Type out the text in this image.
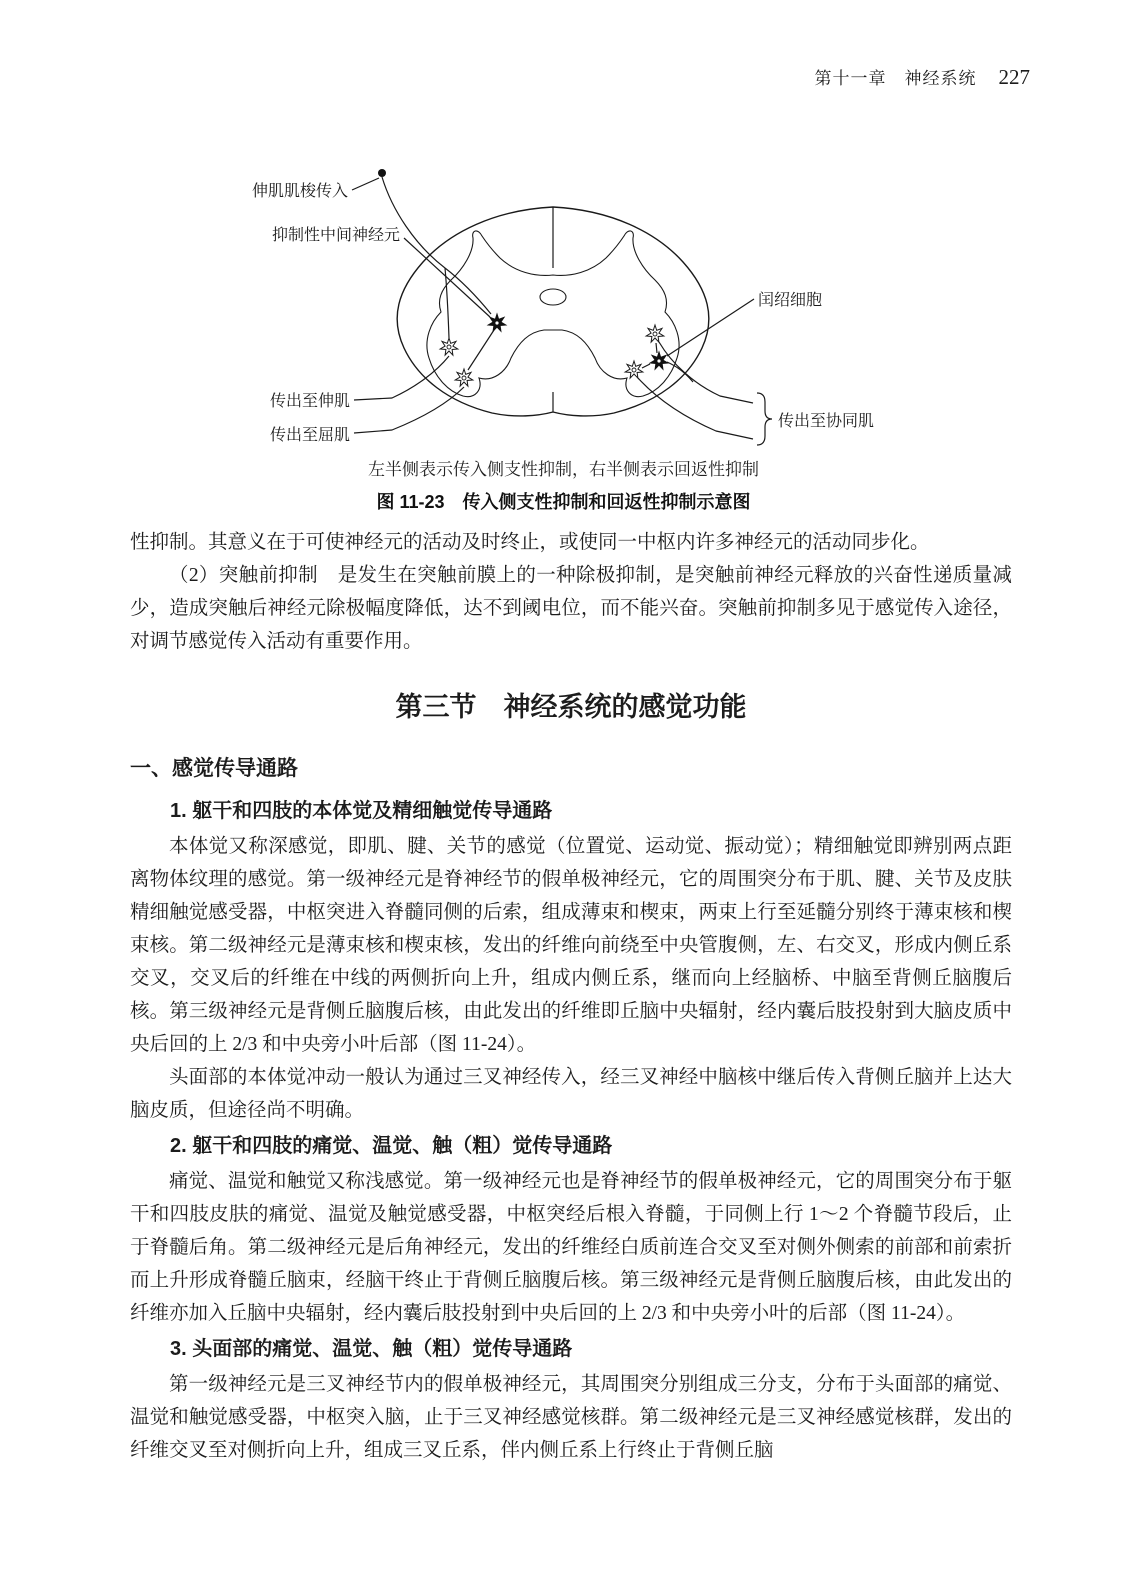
第十一章　神经系统 227
伸肌肌梭传入
抑制性中间神经元
闰绍细胞
传出至伸肌
传出至屈肌
传出至协同肌
左半侧表示传入侧支性抑制，右半侧表示回返性抑制
图 11-23　传入侧支性抑制和回返性抑制示意图

性抑制。其意义在于可使神经元的活动及时终止，或使同一中枢内许多神经元的活动同步化。

（2）突触前抑制　是发生在突触前膜上的一种除极抑制，是突触前神经元释放的兴奋性递质量减少，造成突触后神经元除极幅度降低，达不到阈电位，而不能兴奋。突触前抑制多见于感觉传入途径，对调节感觉传入活动有重要作用。

第三节　神经系统的感觉功能
一、感觉传导通路
1. 躯干和四肢的本体觉及精细触觉传导通路

本体觉又称深感觉，即肌、腱、关节的感觉（位置觉、运动觉、振动觉）；精细触觉即辨别两点距离物体纹理的感觉。第一级神经元是脊神经节的假单极神经元，它的周围突分布于肌、腱、关节及皮肤精细触觉感受器，中枢突进入脊髓同侧的后索，组成薄束和楔束，两束上行至延髓分别终于薄束核和楔束核。第二级神经元是薄束核和楔束核，发出的纤维向前绕至中央管腹侧，左、右交叉，形成内侧丘系交叉，交叉后的纤维在中线的两侧折向上升，组成内侧丘系，继而向上经脑桥、中脑至背侧丘脑腹后核。第三级神经元是背侧丘脑腹后核，由此发出的纤维即丘脑中央辐射，经内囊后肢投射到大脑皮质中央后回的上 2/3 和中央旁小叶后部（图 11-24）。

头面部的本体觉冲动一般认为通过三叉神经传入，经三叉神经中脑核中继后传入背侧丘脑并上达大脑皮质，但途径尚不明确。

2. 躯干和四肢的痛觉、温觉、触（粗）觉传导通路

痛觉、温觉和触觉又称浅感觉。第一级神经元也是脊神经节的假单极神经元，它的周围突分布于躯干和四肢皮肤的痛觉、温觉及触觉感受器，中枢突经后根入脊髓，于同侧上行 1～2 个脊髓节段后，止于脊髓后角。第二级神经元是后角神经元，发出的纤维经白质前连合交叉至对侧外侧索的前部和前索折而上升形成脊髓丘脑束，经脑干终止于背侧丘脑腹后核。第三级神经元是背侧丘脑腹后核，由此发出的纤维亦加入丘脑中央辐射，经内囊后肢投射到中央后回的上 2/3 和中央旁小叶的后部（图 11-24）。

3. 头面部的痛觉、温觉、触（粗）觉传导通路

第一级神经元是三叉神经节内的假单极神经元，其周围突分别组成三分支，分布于头面部的痛觉、温觉和触觉感受器，中枢突入脑，止于三叉神经感觉核群。第二级神经元是三叉神经感觉核群，发出的纤维交叉至对侧折向上升，组成三叉丘系，伴内侧丘系上行终止于背侧丘脑
